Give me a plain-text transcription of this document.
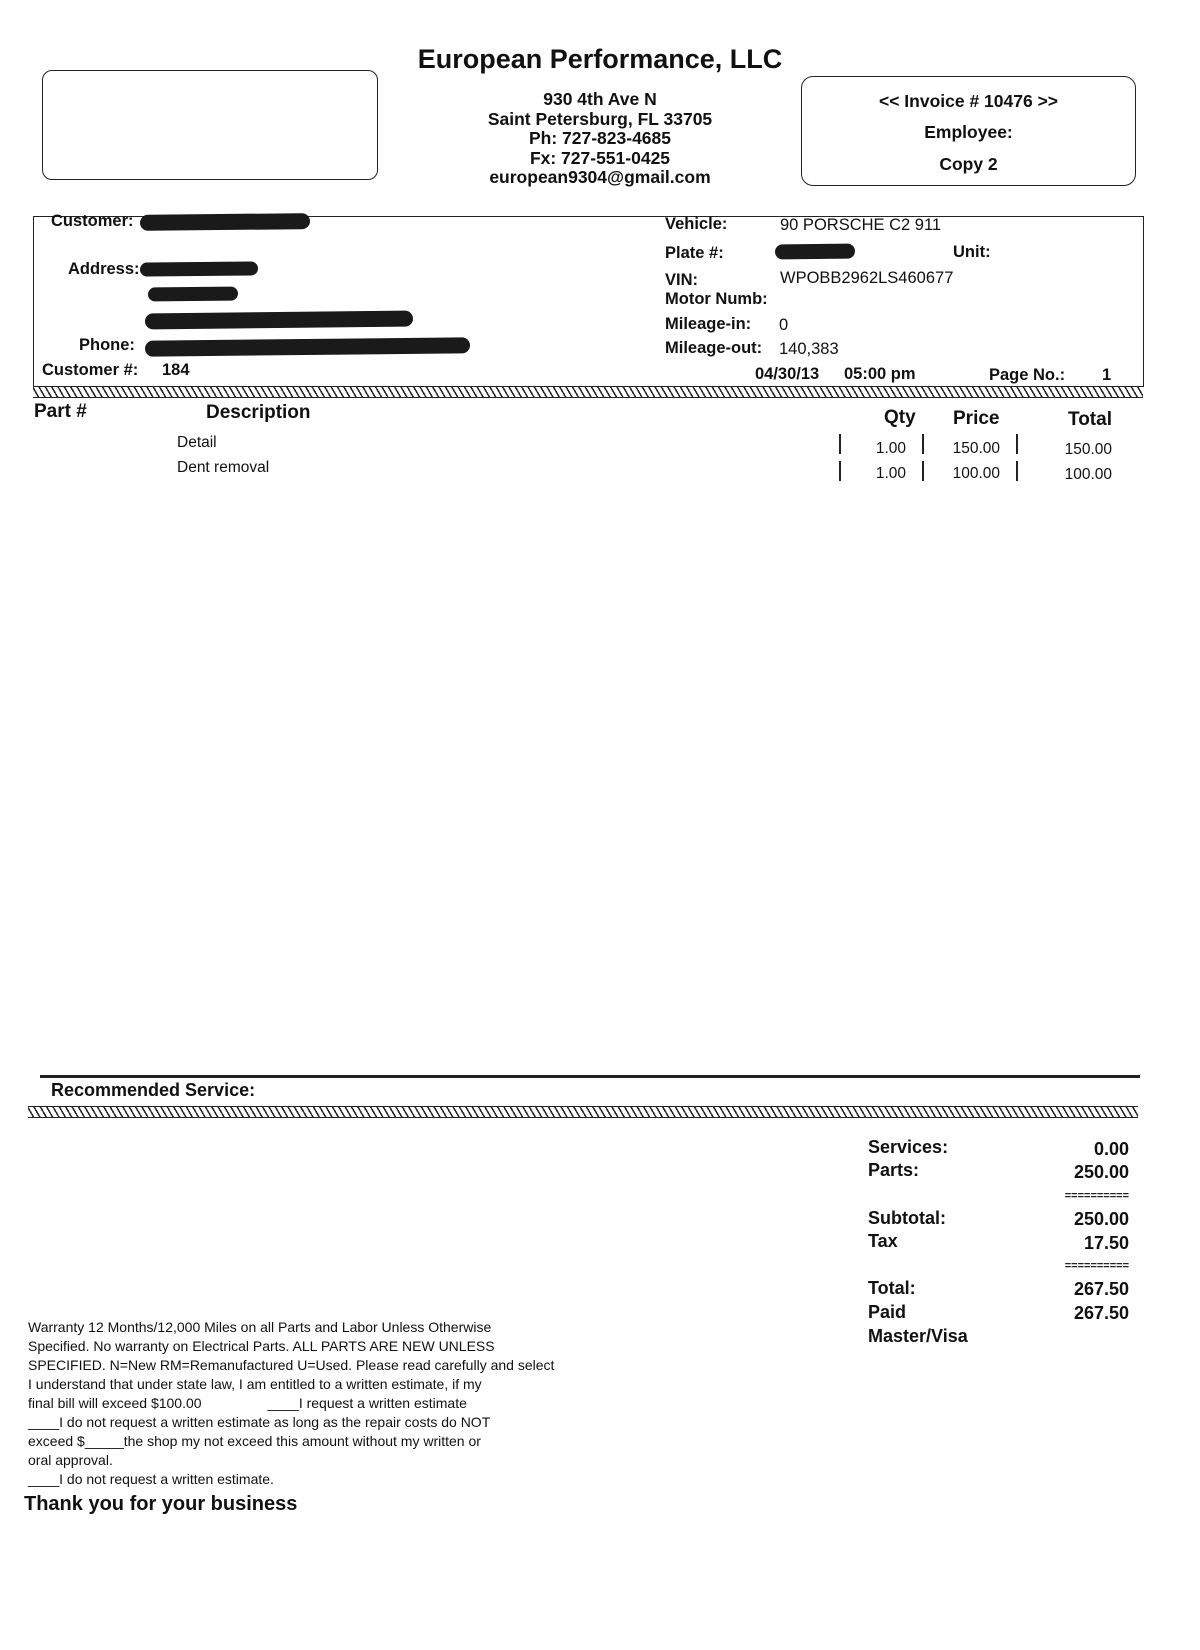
European Performance, LLC
930 4th Ave N
Saint Petersburg, FL 33705
Ph: 727-823-4685
Fx: 727-551-0425
european9304@gmail.com
<< Invoice # 10476 >>
Employee:
Copy 2
Customer:
Address:
Phone:
Customer #: 184
Vehicle:	90 PORSCHE C2 911
Plate #:	Unit:
VIN:	WPOBB2962LS460677
Motor Numb:
Mileage-in: 0
Mileage-out: 140,383
04/30/13 05:00 pm	Page No.: 1
Part #	Description	Qty Price	Total
Detail	1.00	150.00	150.00
Dent removal	1.00	100.00	100.00
Recommended Service:
Services:	0.00
Parts:	250.00
==========
Subtotal:	250.00
Tax	17.50
==========
Total:	267.50
Paid	267.50
Master/Visa
Warranty 12 Months/12,000 Miles on all Parts and Labor Unless Otherwise
Specified. No warranty on Electrical Parts. ALL PARTS ARE NEW UNLESS
SPECIFIED. N=New RM=Remanufactured U=Used. Please read carefully and select
I understand that under state law, I am entitled to a written estimate, if my
final bill will exceed $100.00                 ____I request a written estimate
____I do not request a written estimate as long as the repair costs do NOT
exceed $_____the shop my not exceed this amount without my written or
oral approval.
____I do not request a written estimate.
Thank you for your business
